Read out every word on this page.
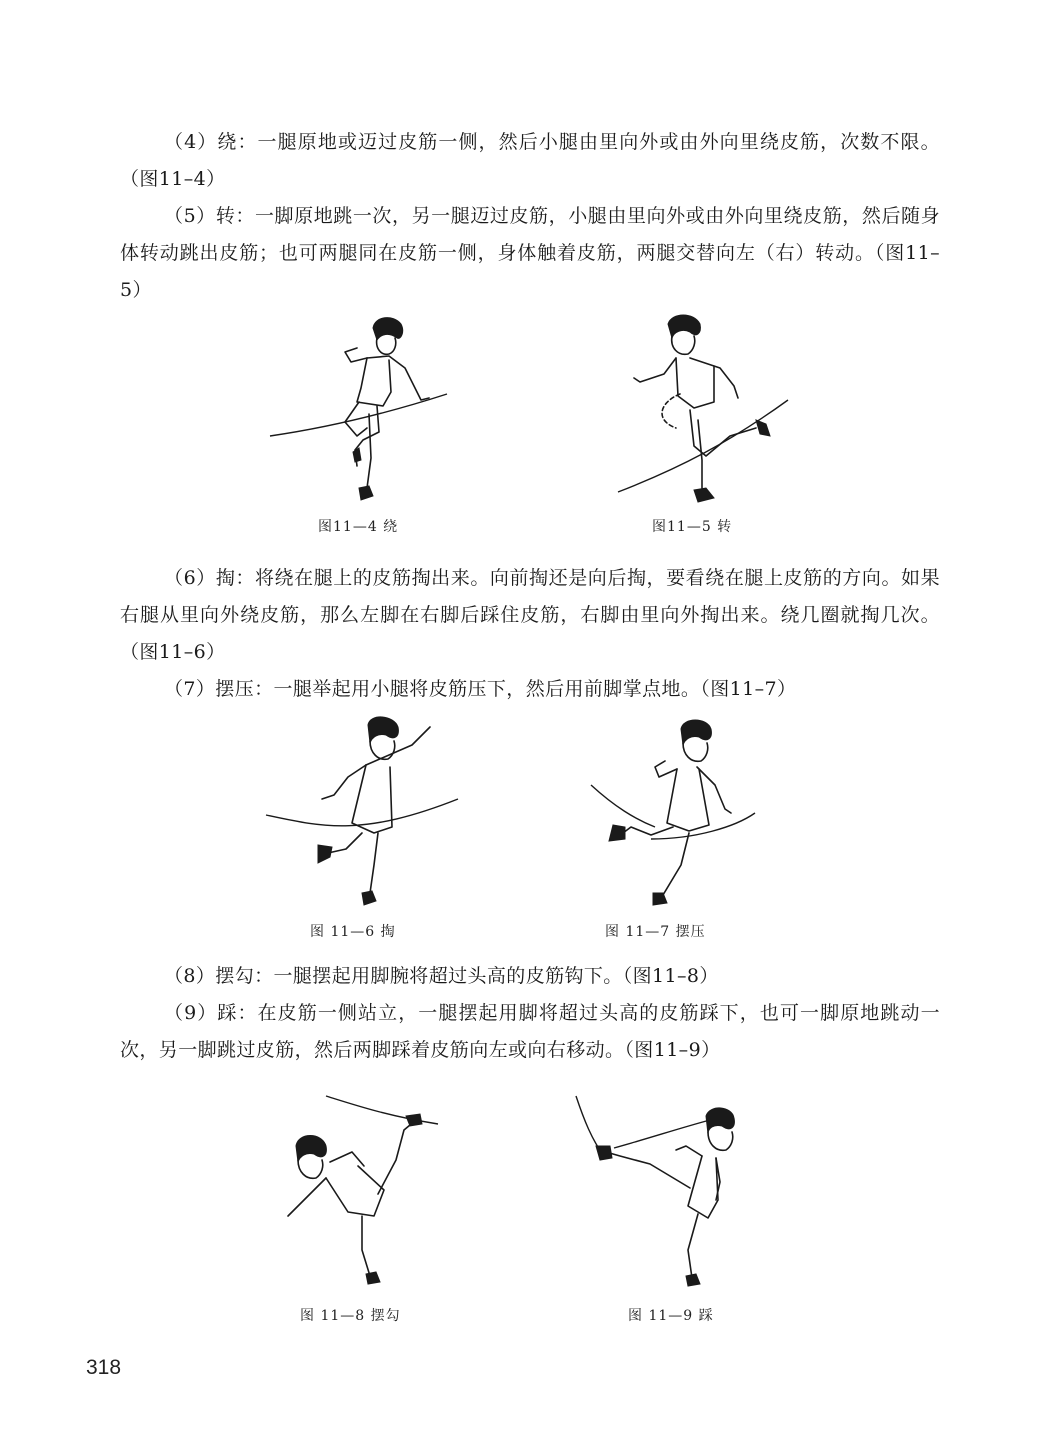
（4）绕：一腿原地或迈过皮筋一侧，然后小腿由里向外或由外向里绕皮筋，次数不限。（图11–4）

（5）转：一脚原地跳一次，另一腿迈过皮筋，小腿由里向外或由外向里绕皮筋，然后随身体转动跳出皮筋；也可两腿同在皮筋一侧，身体触着皮筋，两腿交替向左（右）转动。（图11–5）

图11—4 绕	图11—5 转

（6）掏：将绕在腿上的皮筋掏出来。向前掏还是向后掏，要看绕在腿上皮筋的方向。如果右腿从里向外绕皮筋，那么左脚在右脚后踩住皮筋，右脚由里向外掏出来。绕几圈就掏几次。（图11–6）

（7）摆压：一腿举起用小腿将皮筋压下，然后用前脚掌点地。（图11–7）

图 11—6 掏	图 11—7 摆压

（8）摆勾：一腿摆起用脚腕将超过头高的皮筋钩下。（图11–8）

（9）踩：在皮筋一侧站立，一腿摆起用脚将超过头高的皮筋踩下，也可一脚原地跳动一次，另一脚跳过皮筋，然后两脚踩着皮筋向左或向右移动。（图11–9）

图 11—8 摆勾	图 11—9 踩
318
